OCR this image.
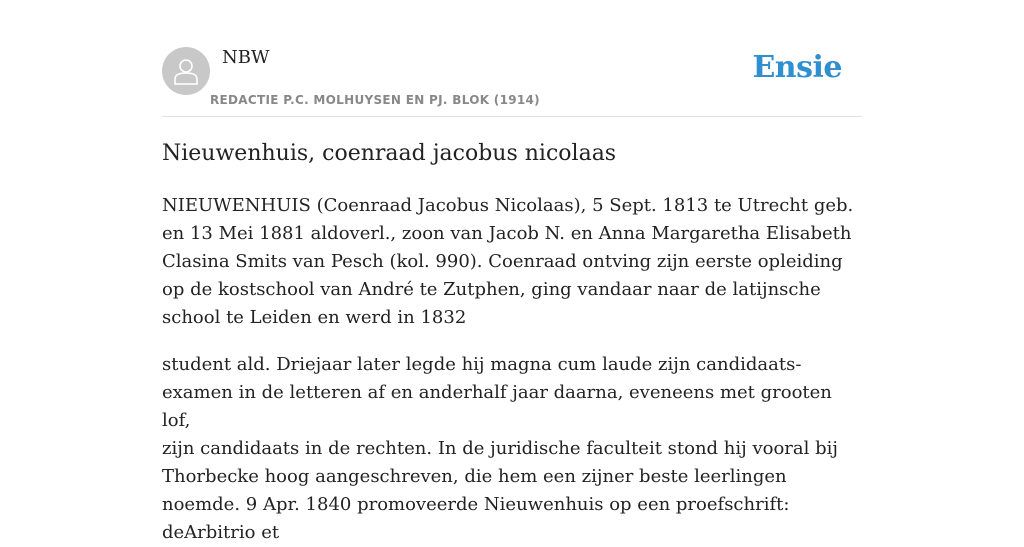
NBW
REDACTIE P.C. MOLHUYSEN EN PJ. BLOK (1914)
Ensie
Nieuwenhuis, coenraad jacobus nicolaas

NIEUWENHUIS (Coenraad Jacobus Nicolaas), 5 Sept. 1813 te Utrecht geb. en 13 Mei 1881 aldoverl., zoon van Jacob N. en Anna Margaretha Elisabeth Clasina Smits van Pesch (kol. 990). Coenraad ontving zijn eerste opleiding op de kostschool van André te Zutphen, ging vandaar naar de latijnsche school te Leiden en werd in 1832

student ald. Driejaar later legde hij magna cum laude zijn candidaats-examen in de letteren af en anderhalf jaar daarna, eveneens met grooten lof,

zijn candidaats in de rechten. In de juridische faculteit stond hij vooral bij Thorbecke hoog aangeschreven, die hem een zijner beste leerlingen noemde. 9 Apr. 1840 promoveerde Nieuwenhuis op een proefschrift: deArbitrio et
